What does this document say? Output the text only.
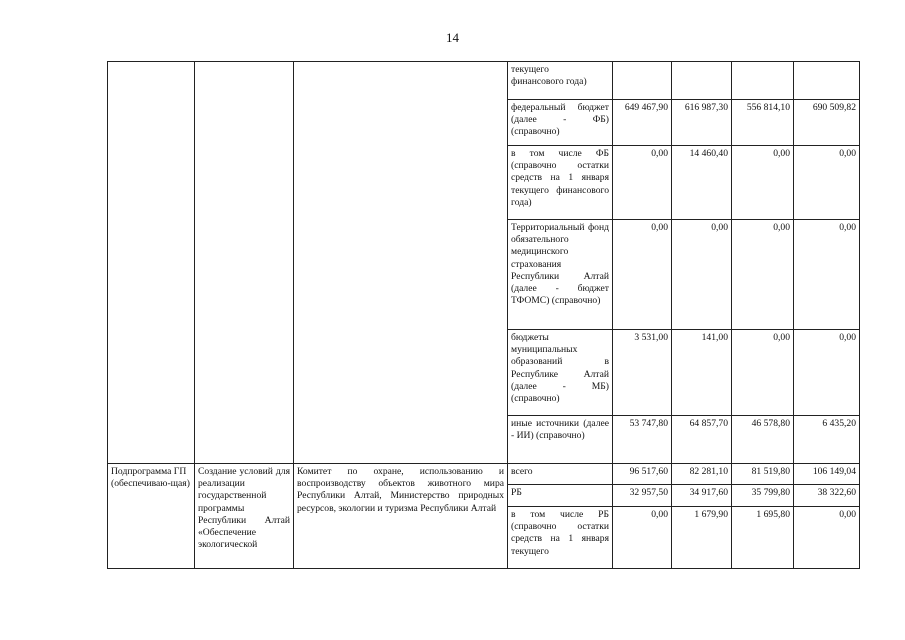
14
			текущего
финансового года)				
			федеральный бюджет (далее - ФБ) (справочно)	649 467,90	616 987,30	556 814,10	690 509,82
			в том числе ФБ (справочно остатки средств на 1 января текущего финансового года)	0,00	14 460,40	0,00	0,00
			Территориальный фонд обязательного медицинского страхования Республики Алтай (далее - бюджет ТФОМС) (справочно)	0,00	0,00	0,00	0,00
			бюджеты муниципальных образований в Республике Алтай (далее - МБ) (справочно)	3 531,00	141,00	0,00	0,00
			иные источники (далее - ИИ) (справочно)	53 747,80	64 857,70	46 578,80	6 435,20
Подпрограмма ГП (обеспечиваю-щая)	Создание условий для реализации государственной программы Республики Алтай «Обеспечение экологической	Комитет по охране, использованию и воспроизводству объектов животного мира Республики Алтай, Министерство природных ресурсов, экологии и туризма Республики Алтай	всего	96 517,60	82 281,10	81 519,80	106 149,04
			РБ	32 957,50	34 917,60	35 799,80	38 322,60
			в том числе РБ (справочно остатки средств на 1 января текущего	0,00	1 679,90	1 695,80	0,00
